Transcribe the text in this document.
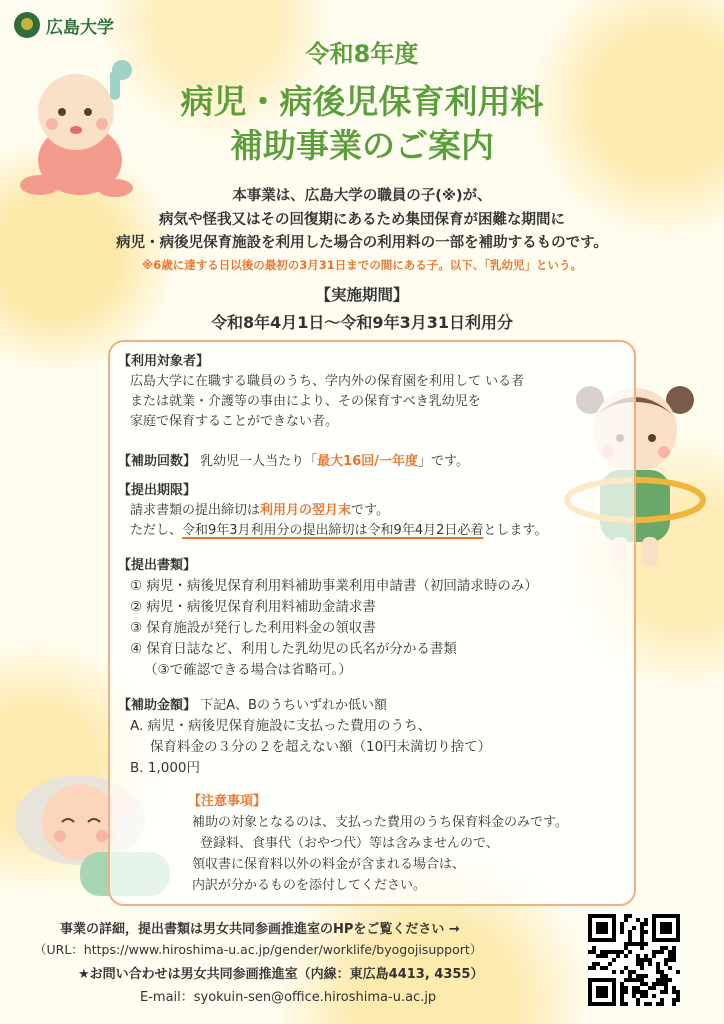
広島大学
令和8年度
病児・病後児保育利用料
補助事業のご案内
本事業は、広島大学の職員の子(※)が、
病気や怪我又はその回復期にあるため集団保育が困難な期間に
病児・病後児保育施設を利用した場合の利用料の一部を補助するものです。
※6歳に達する日以後の最初の3月31日までの間にある子。以下、「乳幼児」という。
【実施期間】
令和8年4月1日～令和9年3月31日利用分
【利用対象者】
広島大学に在職する職員のうち、学内外の保育園を利用して いる者
または就業・介護等の事由により、その保育すべき乳幼児を
家庭で保育することができない者。
【補助回数】 乳幼児一人当たり「最大16回/一年度」です。
【提出期限】
請求書類の提出締切は利用月の翌月末です。
ただし、令和9年3月利用分の提出締切は令和9年4月2日必着とします。
【提出書類】
① 病児・病後児保育利用料補助事業利用申請書（初回請求時のみ）
② 病児・病後児保育利用料補助金請求書
③ 保育施設が発行した利用料金の領収書
④ 保育日誌など、利用した乳幼児の氏名が分かる書類
（③で確認できる場合は省略可。）
【補助金額】 下記A、Bのうちいずれか低い額
A. 病児・病後児保育施設に支払った費用のうち、
保育料金の３分の２を超えない額（10円未満切り捨て）
B. 1,000円
【注意事項】
補助の対象となるのは、支払った費用のうち保育料金のみです。
登録料、食事代（おやつ代）等は含みませんので、
領収書に保育料以外の料金が含まれる場合は、
内訳が分かるものを添付してください。
事業の詳細，提出書類は男女共同参画推進室のHPをご覧ください →
（URL：https://www.hiroshima-u.ac.jp/gender/worklife/byogojisupport）
★お問い合わせは男女共同参画推進室（内線：東広島4413, 4355）
E-mail：syokuin-sen@office.hiroshima-u.ac.jp
